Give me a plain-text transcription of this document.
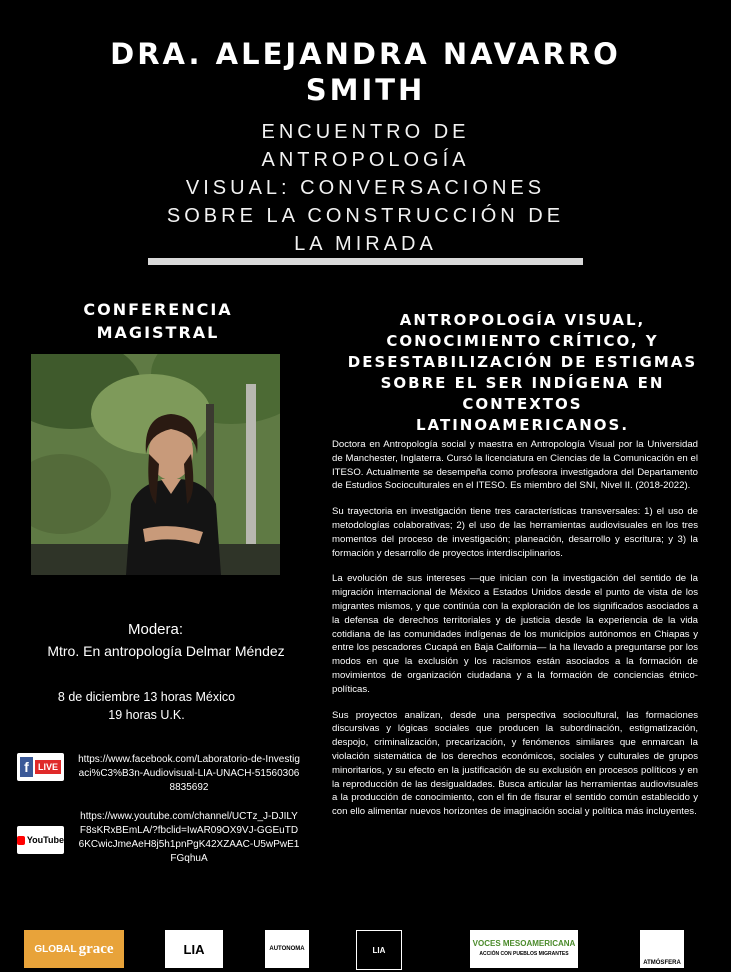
DRA. ALEJANDRA NAVARRO
SMITH
ENCUENTRO DE
ANTROPOLOGÍA
VISUAL: CONVERSACIONES
SOBRE LA CONSTRUCCIÓN DE
LA MIRADA
CONFERENCIA
MAGISTRAL
ANTROPOLOGÍA VISUAL,
CONOCIMIENTO CRÍTICO, Y
DESESTABILIZACIÓN DE ESTIGMAS
SOBRE EL SER INDÍGENA EN CONTEXTOS
LATINOAMERICANOS.

Doctora en Antropología social y maestra en Antropología Visual por la Universidad de Manchester, Inglaterra. Cursó la licenciatura en Ciencias de la Comunicación en el ITESO. Actualmente se desempeña como profesora investigadora del Departamento de Estudios Socioculturales en el ITESO. Es miembro del SNI, Nivel II. (2018-2022).

Su trayectoria en investigación tiene tres características transversales: 1) el uso de metodologías colaborativas; 2) el uso de las herramientas audiovisuales en los tres momentos del proceso de investigación; planeación, desarrollo y escritura; y 3) la formación y desarrollo de proyectos interdisciplinarios.

La evolución de sus intereses —que inician con la investigación del sentido de la migración internacional de México a Estados Unidos desde el punto de vista de los migrantes mismos, y que continúa con la exploración de los significados asociados a la defensa de derechos territoriales y de justicia desde la experiencia de la vida cotidiana de las comunidades indígenas de los municipios autónomos en Chiapas y entre los pescadores Cucapá en Baja California— la ha llevado a preguntarse por los modos en que la exclusión y los racismos están asociados a la formación de movimientos de organización ciudadana y a la formación de conciencias étnico-políticas.

Sus proyectos analizan, desde una perspectiva sociocultural, las formaciones discursivas y lógicas sociales que producen la subordinación, estigmatización, despojo, criminalización, precarización, y fenómenos similares que enmarcan la violación sistemática de los derechos económicos, sociales y culturales de grupos minoritarios, y su efecto en la justificación de su exclusión en procesos políticos y en la reproducción de las desigualdades. Busca articular las herramientas audiovisuales a la producción de conocimiento, con el fin de fisurar el sentido común establecido y con ello alimentar nuevos horizontes de imaginación social y política más incluyentes.

Modera:
Mtro. En antropología Delmar Méndez
8 de diciembre 13 horas México
19 horas U.K.
f	LIVE
https://www.facebook.com/Laboratorio-de-Investigaci%C3%B3n-Audiovisual-LIA-UNACH-515603068835692
YouTube
https://www.youtube.com/channel/UCTz_J-DJILYF8sKRxBEmLA/?fbclid=IwAR09OX9VJ-GGEuTD6KCwicJmeAeH8j5h1pnPgK42XZAAC-U5wPwE1FGqhuA
GLOBAL grace	LIA	AUTONOMA	LIA
VOCES MESOAMERICANA
ACCIÓN CON PUEBLOS MIGRANTES
ATMÓSFERA
